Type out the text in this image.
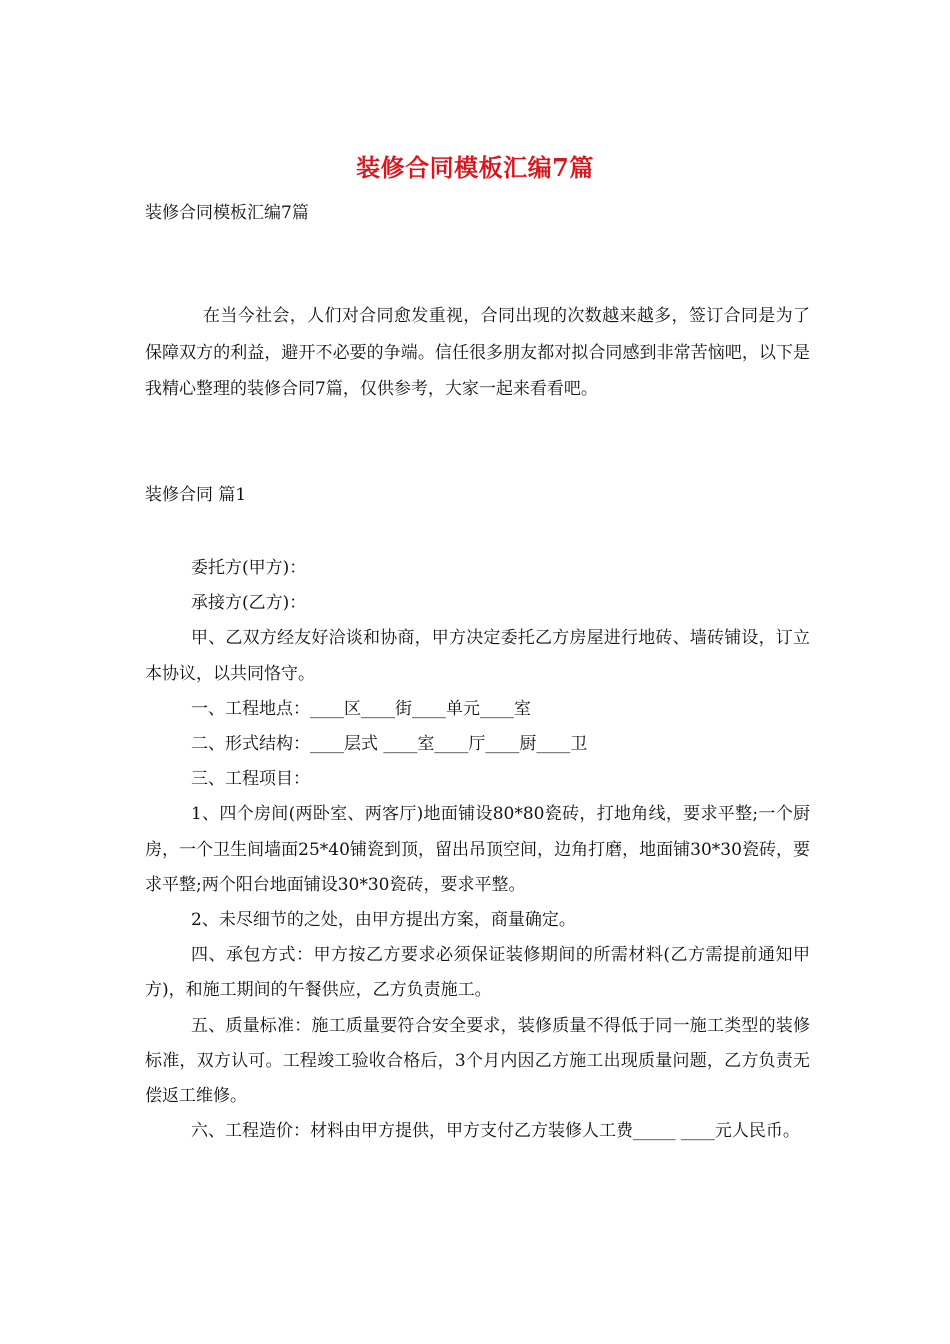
装修合同模板汇编7篇
装修合同模板汇编7篇

在当今社会，人们对合同愈发重视，合同出现的次数越来越多，签订合同是为了保障双方的利益，避开不必要的争端。信任很多朋友都对拟合同感到非常苦恼吧，以下是我精心整理的装修合同7篇，仅供参考，大家一起来看看吧。

装修合同 篇1

委托方(甲方)：

承接方(乙方)：

甲、乙双方经友好洽谈和协商，甲方决定委托乙方房屋进行地砖、墙砖铺设，订立本协议，以共同恪守。

一、工程地点：____区____街____单元____室

二、形式结构：____层式 ____室____厅____厨____卫

三、工程项目：

1、四个房间(两卧室、两客厅)地面铺设80*80瓷砖，打地角线，要求平整;一个厨房，一个卫生间墙面25*40铺瓷到顶，留出吊顶空间，边角打磨，地面铺30*30瓷砖，要求平整;两个阳台地面铺设30*30瓷砖，要求平整。

2、未尽细节的之处，由甲方提出方案，商量确定。

四、承包方式：甲方按乙方要求必须保证装修期间的所需材料(乙方需提前通知甲方)，和施工期间的午餐供应，乙方负责施工。

五、质量标准：施工质量要符合安全要求，装修质量不得低于同一施工类型的装修标准，双方认可。工程竣工验收合格后，3个月内因乙方施工出现质量问题，乙方负责无偿返工维修。

六、工程造价：材料由甲方提供，甲方支付乙方装修人工费_____ ____元人民币。
